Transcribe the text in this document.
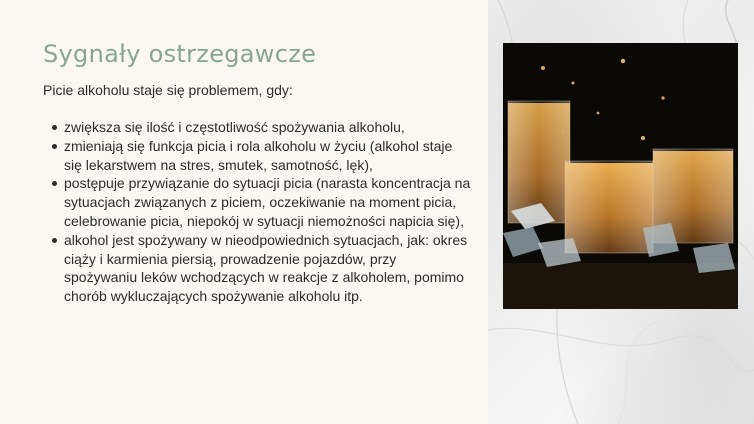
Sygnały ostrzegawcze

Picie alkoholu staje się problemem, gdy:

zwiększa się ilość i częstotliwość spożywania alkoholu,
zmieniają się funkcja picia i rola alkoholu w życiu (alkohol staje się lekarstwem na stres, smutek, samotność, lęk),
postępuje przywiązanie do sytuacji picia (narasta koncentracja na sytuacjach związanych z piciem, oczekiwanie na moment picia, celebrowanie picia, niepokój w sytuacji niemożności napicia się),
alkohol jest spożywany w nieodpowiednich sytuacjach, jak: okres ciąży i karmienia piersią, prowadzenie pojazdów, przy spożywaniu leków wchodzących w reakcje z alkoholem, pomimo chorób wykluczających spożywanie alkoholu itp.
